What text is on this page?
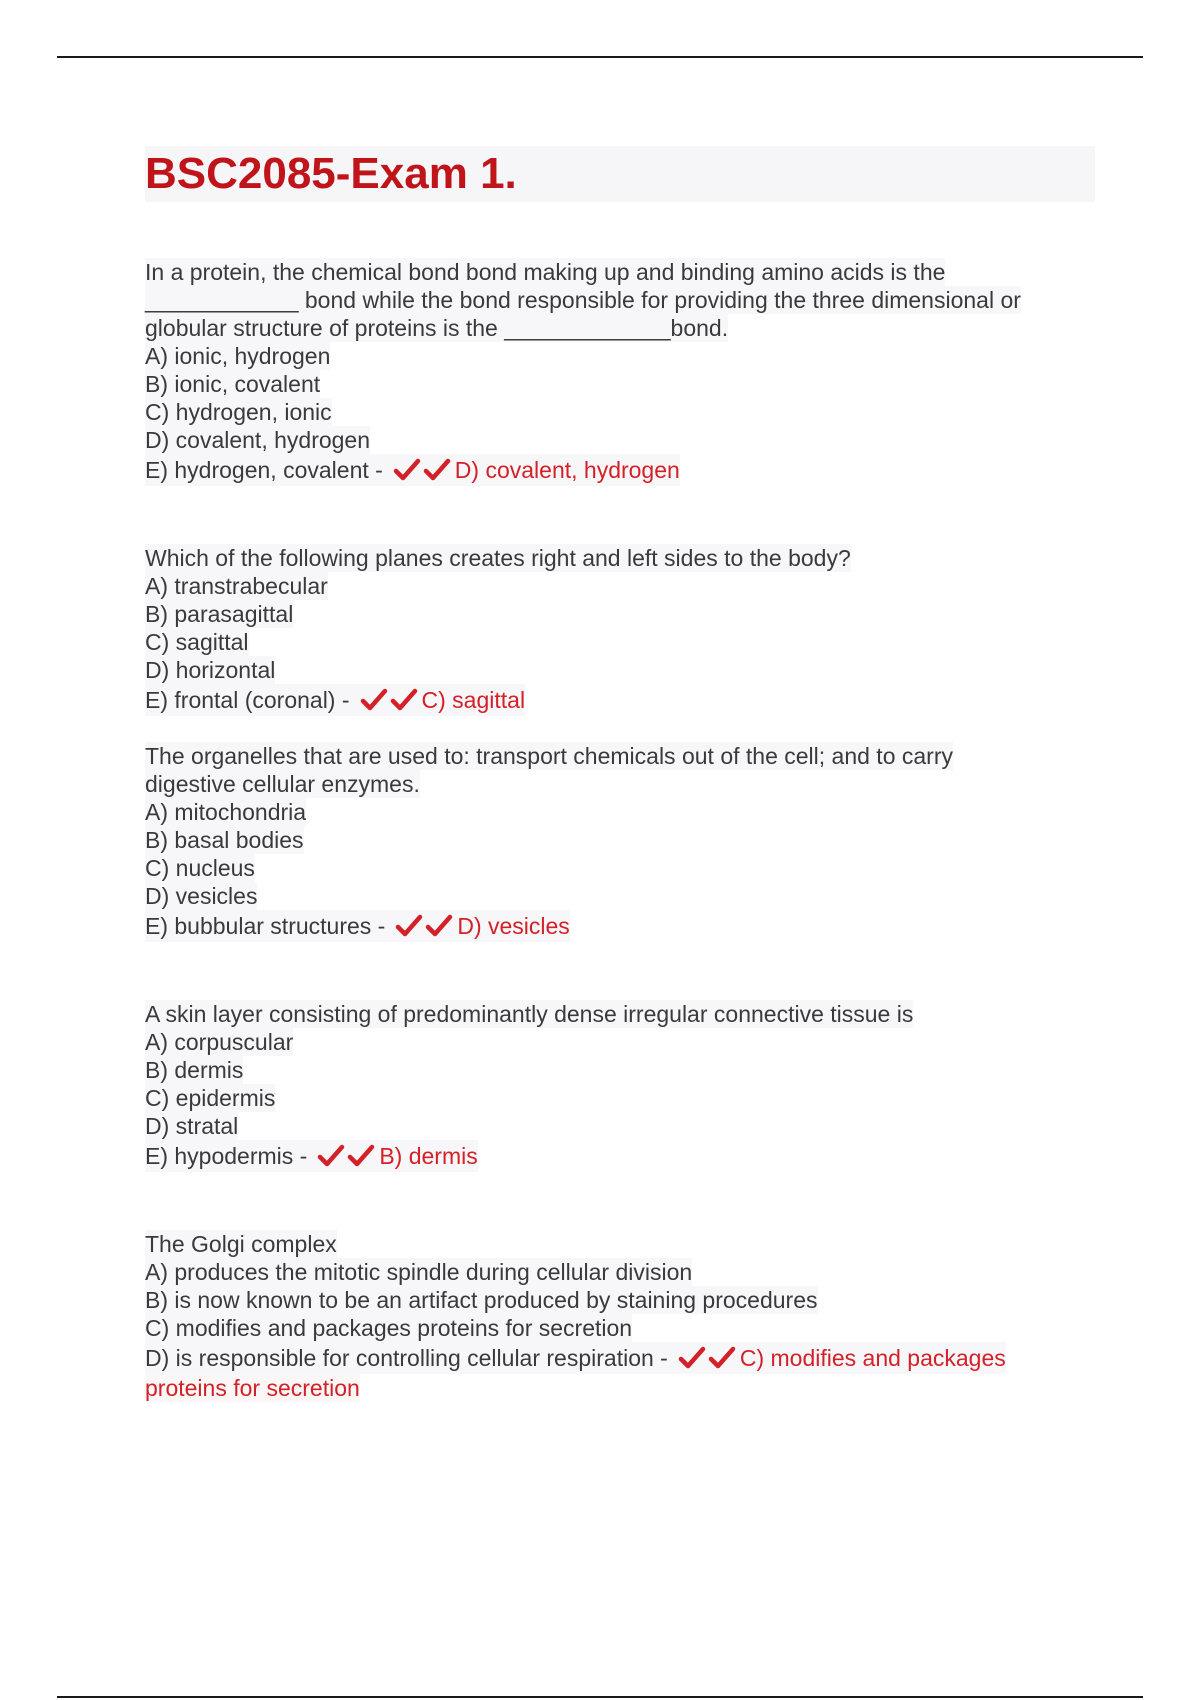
BSC2085-Exam 1.
In a protein, the chemical bond bond making up and binding amino acids is the
____________ bond while the bond responsible for providing the three dimensional or
globular structure of proteins is the _____________bond.
A) ionic, hydrogen
B) ionic, covalent
C) hydrogen, ionic
D) covalent, hydrogen
E) hydrogen, covalent -	D) covalent, hydrogen
Which of the following planes creates right and left sides to the body?
A) transtrabecular
B) parasagittal
C) sagittal
D) horizontal
E) frontal (coronal) -	C) sagittal
The organelles that are used to: transport chemicals out of the cell; and to carry
digestive cellular enzymes.
A) mitochondria
B) basal bodies
C) nucleus
D) vesicles
E) bubbular structures -	D) vesicles
A skin layer consisting of predominantly dense irregular connective tissue is
A) corpuscular
B) dermis
C) epidermis
D) stratal
E) hypodermis -	B) dermis
The Golgi complex
A) produces the mitotic spindle during cellular division
B) is now known to be an artifact produced by staining procedures
C) modifies and packages proteins for secretion
D) is responsible for controlling cellular respiration -	C) modifies and packages
proteins for secretion
